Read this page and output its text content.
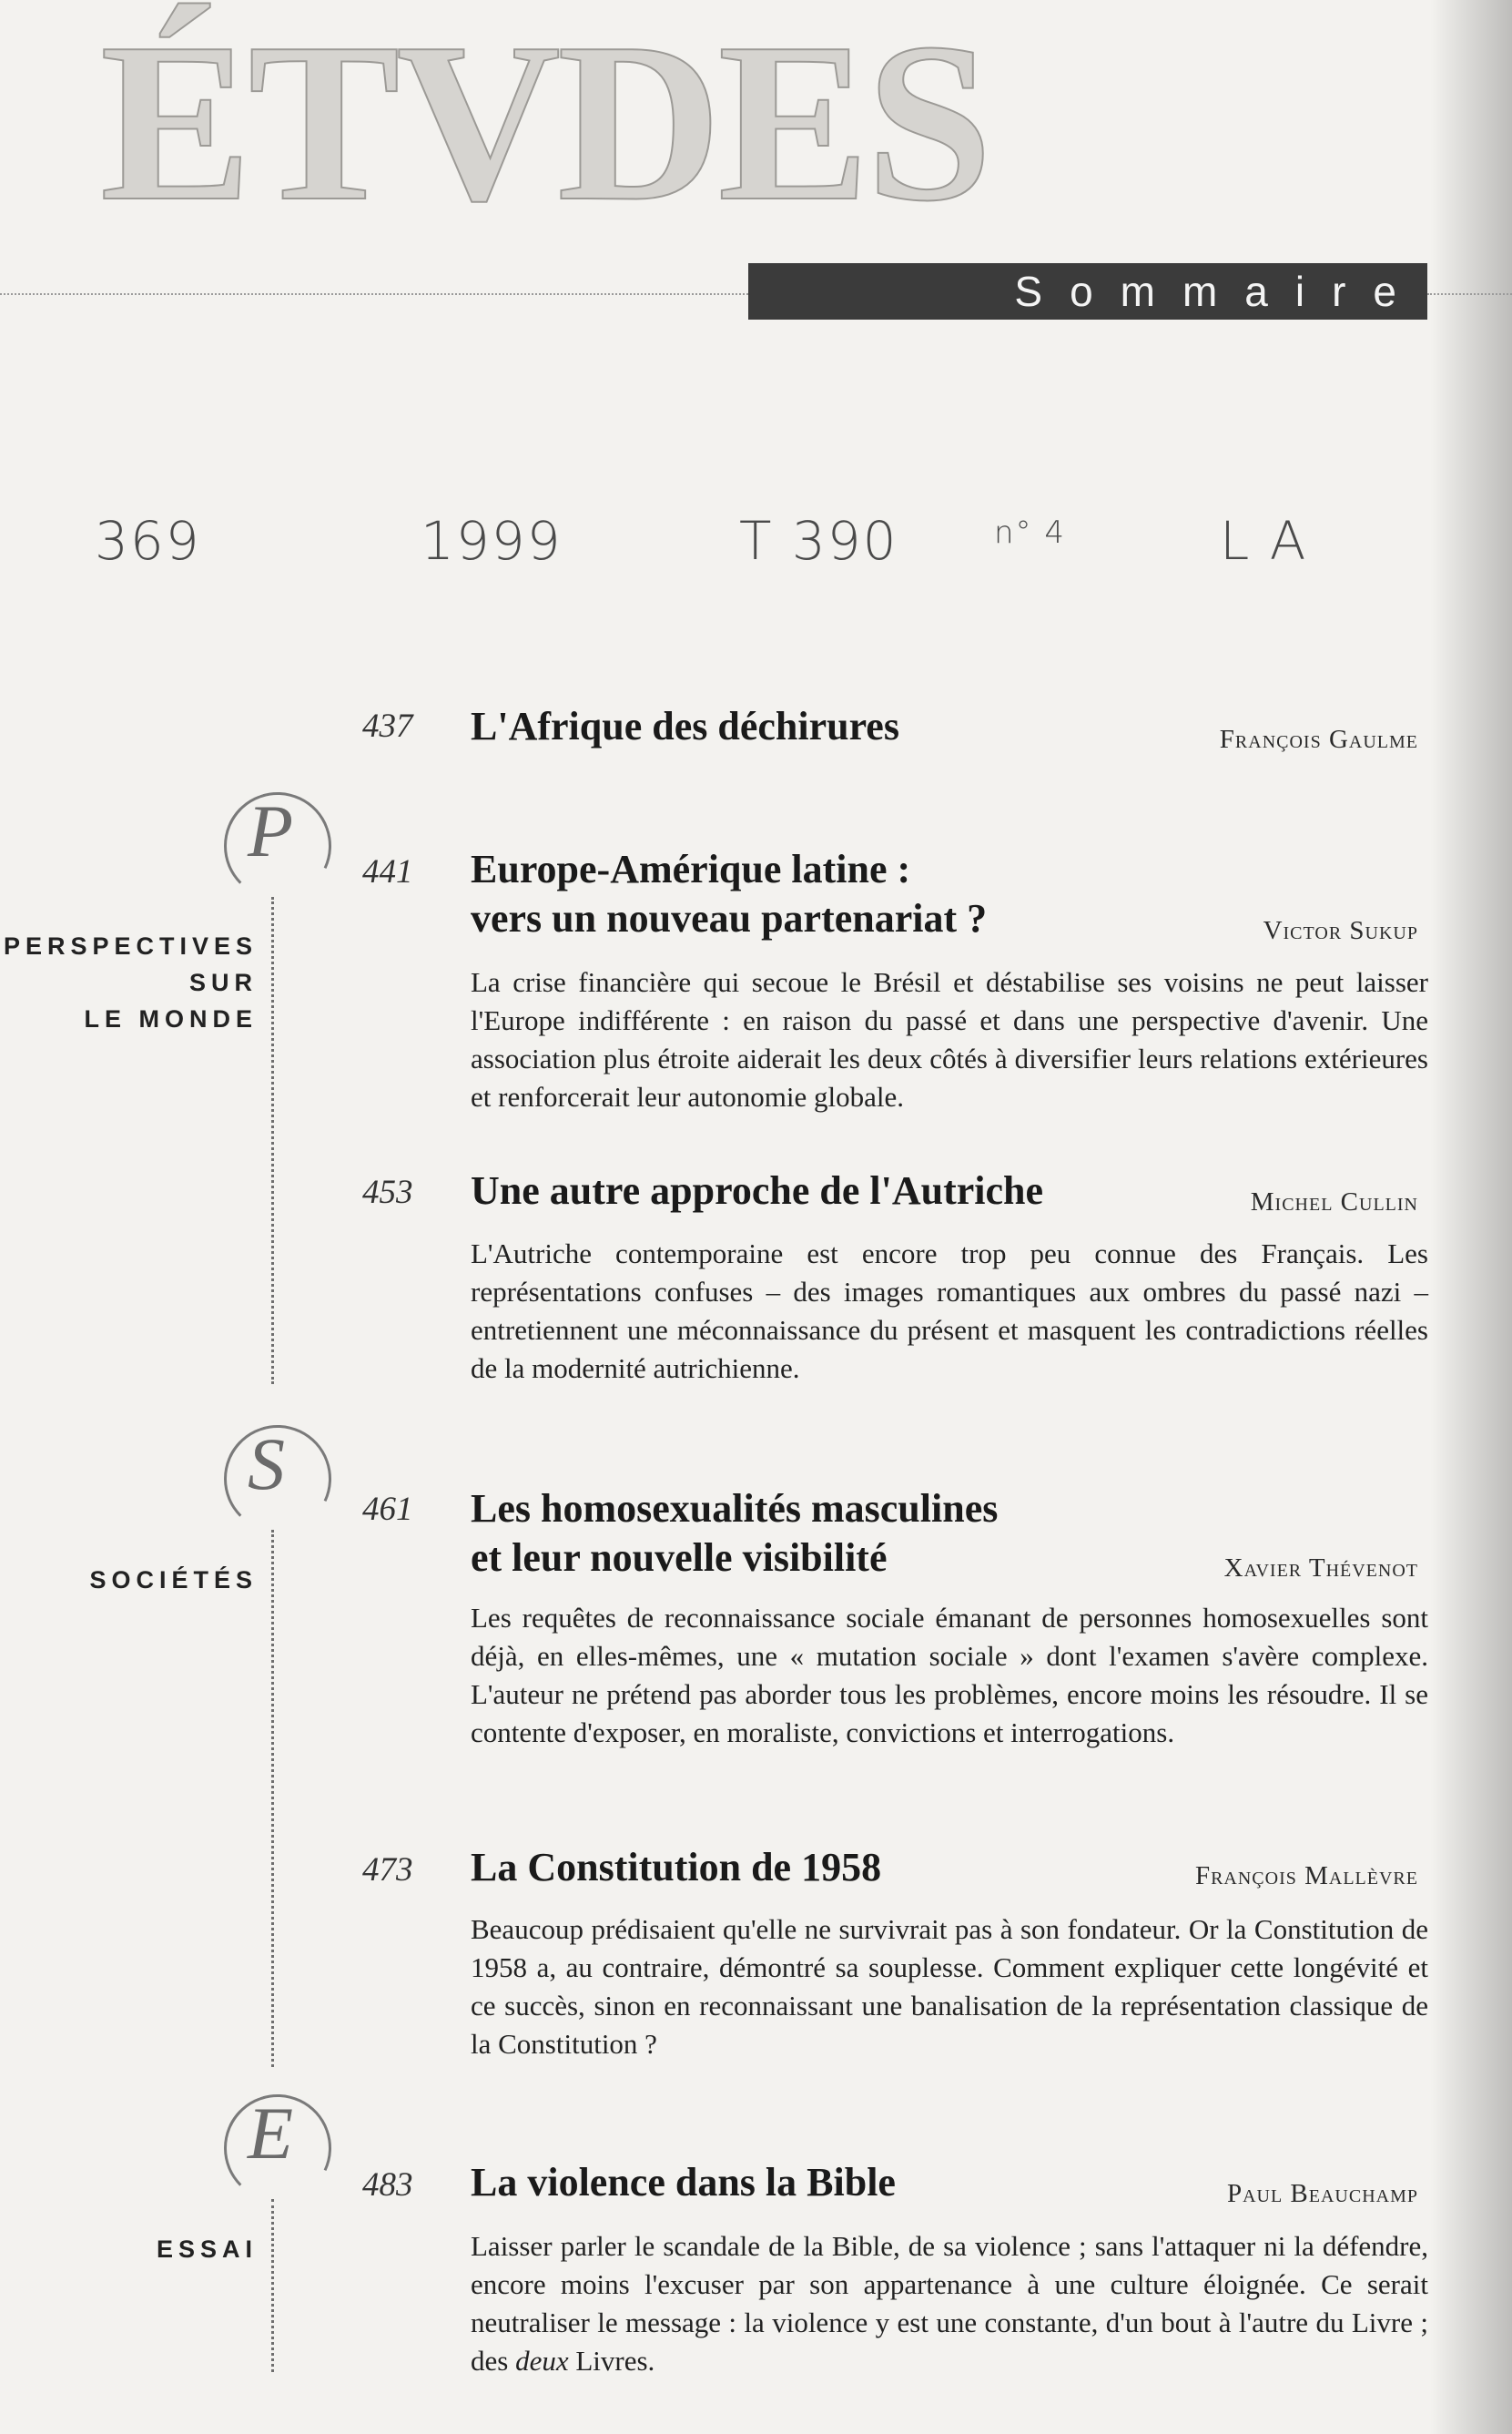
ÉTVDES
Sommaire
369	1999	T 390	n° 4	L A
437 L'Afrique des déchirures	François Gaulme
P
PERSPECTIVES
SUR
LE MONDE
441 Europe-Amérique latine :
vers un nouveau partenariat ?	Victor Sukup
La crise financière qui secoue le Brésil et déstabilise ses voisins ne peut laisser l'Europe indifférente : en raison du passé et dans une perspective d'avenir. Une association plus étroite aiderait les deux côtés à diversifier leurs relations extérieures et renforcerait leur autonomie globale.
453 Une autre approche de l'Autriche	Michel Cullin
L'Autriche contemporaine est encore trop peu connue des Français. Les représentations confuses – des images romantiques aux ombres du passé nazi – entretiennent une méconnaissance du présent et masquent les contradictions réelles de la modernité autrichienne.
S
SOCIÉTÉS
461 Les homosexualités masculines
et leur nouvelle visibilité	Xavier Thévenot
Les requêtes de reconnaissance sociale émanant de personnes homosexuelles sont déjà, en elles-mêmes, une « mutation sociale » dont l'examen s'avère complexe. L'auteur ne prétend pas aborder tous les problèmes, encore moins les résoudre. Il se contente d'exposer, en moraliste, convictions et interrogations.
473 La Constitution de 1958	François Mallèvre
Beaucoup prédisaient qu'elle ne survivrait pas à son fondateur. Or la Constitution de 1958 a, au contraire, démontré sa souplesse. Comment expliquer cette longévité et ce succès, sinon en reconnaissant une banalisation de la représentation classique de la Constitution ?
E
ESSAI
483 La violence dans la Bible	Paul Beauchamp
Laisser parler le scandale de la Bible, de sa violence ; sans l'attaquer ni la défendre, encore moins l'excuser par son appartenance à une culture éloignée. Ce serait neutraliser le message : la violence y est une constante, d'un bout à l'autre du Livre ; des deux Livres.
